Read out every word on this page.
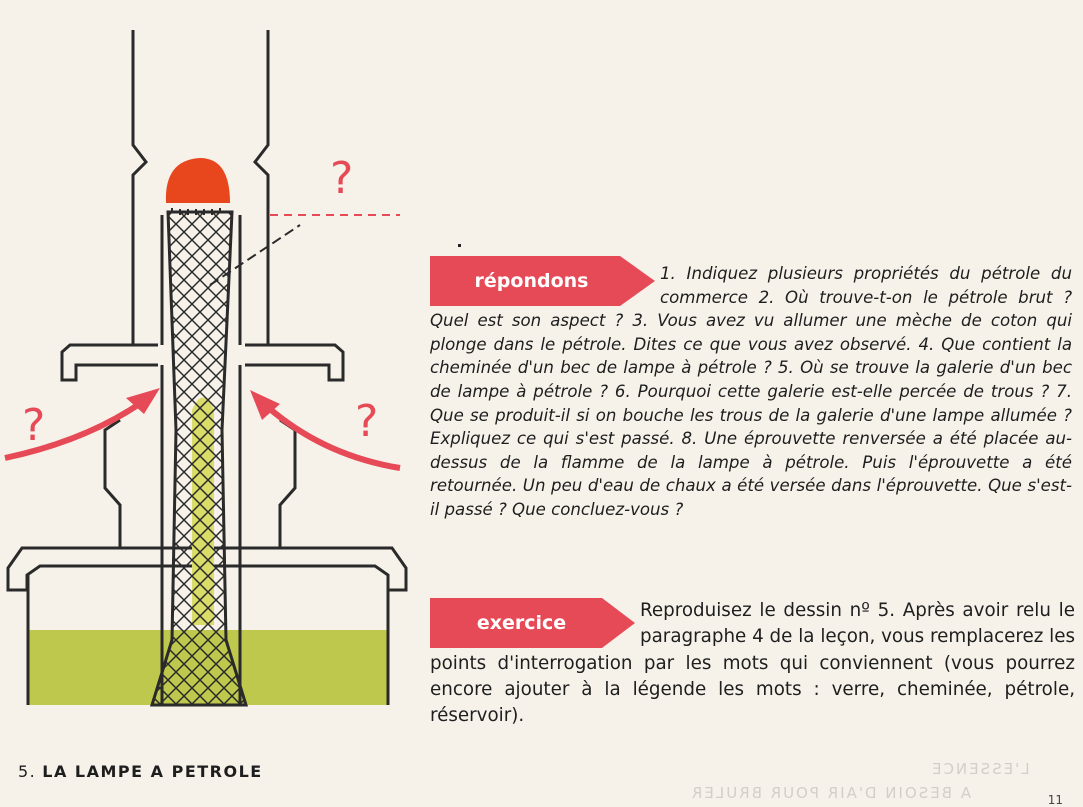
?
?	?
répondons	1. Indiquez plusieurs propriétés du pétrole du commerce 2. Où trouve-t-on le pétrole brut ? Quel est son aspect ? 3. Vous avez vu allumer une mèche de coton qui plonge dans le pétrole. Dites ce que vous avez observé. 4. Que contient la cheminée d'un bec de lampe à pétrole ? 5. Où se trouve la galerie d'un bec de lampe à pétrole ? 6. Pourquoi cette galerie est-elle percée de trous ? 7. Que se produit-il si on bouche les trous de la galerie d'une lampe allumée ? Expliquez ce qui s'est passé. 8. Une éprouvette renversée a été placée au-dessus de la flamme de la lampe à pétrole. Puis l'éprouvette a été retournée. Un peu d'eau de chaux a été versée dans l'éprouvette. Que s'est-il passé ? Que concluez-vous ?

exercice

Reproduisez le dessin nº 5. Après avoir relu le paragraphe 4 de la leçon, vous remplacerez les points d'interrogation par les mots qui conviennent (vous pourrez encore ajouter à la légende les mots : verre, cheminée, pétrole, réservoir).

5. LA LAMPE A PETROLE	L'ESSENCE
A BESOIN D'AIR POUR BRULER	11
